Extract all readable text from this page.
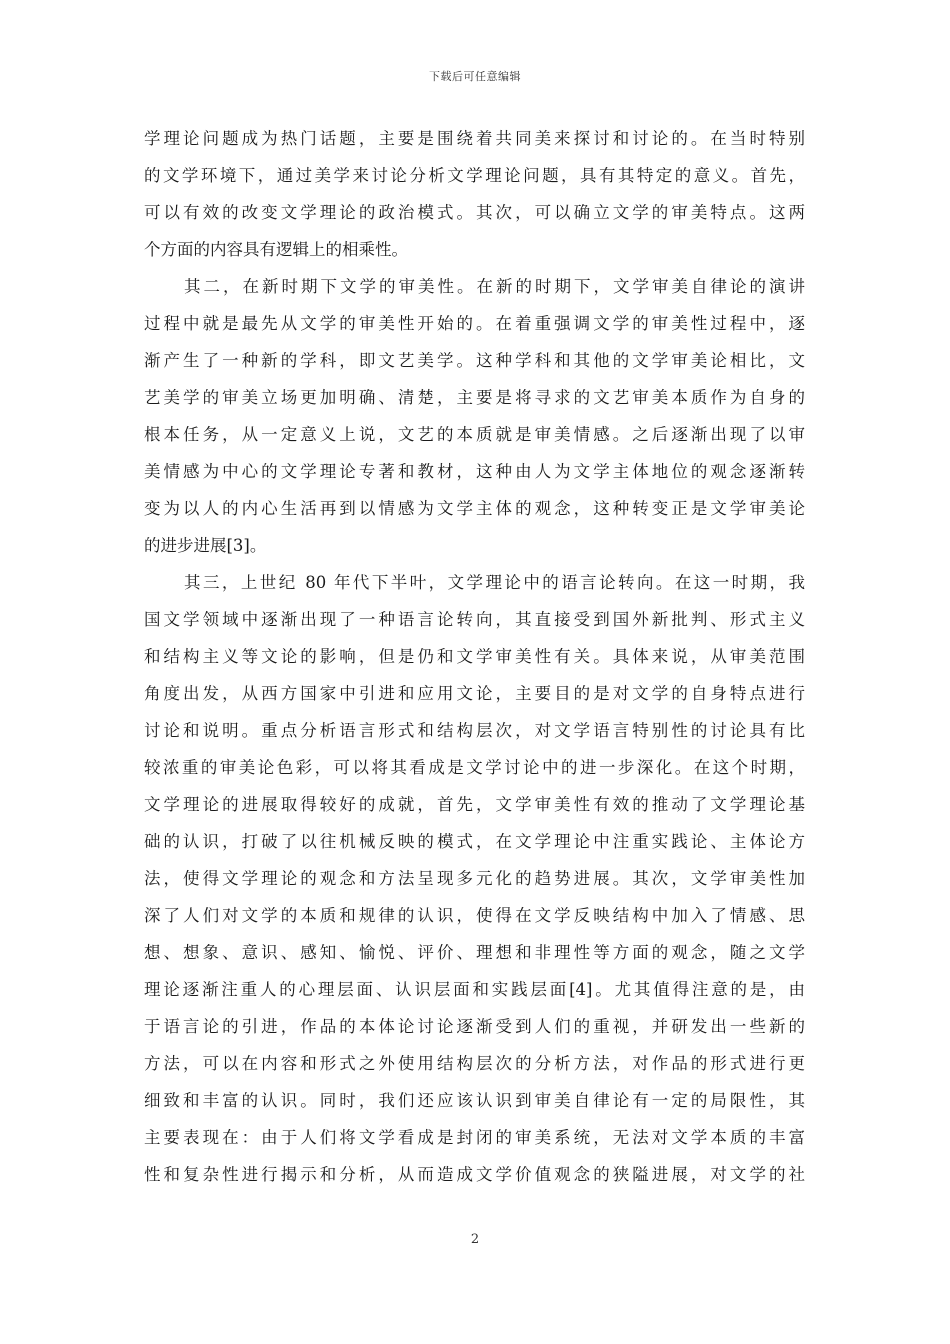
下载后可任意编辑
学理论问题成为热门话题，主要是围绕着共同美来探讨和讨论的。在当时特别
的文学环境下，通过美学来讨论分析文学理论问题，具有其特定的意义。首先，
可以有效的改变文学理论的政治模式。其次，可以确立文学的审美特点。这两
个方面的内容具有逻辑上的相乘性。
其二，在新时期下文学的审美性。在新的时期下，文学审美自律论的演讲
过程中就是最先从文学的审美性开始的。在着重强调文学的审美性过程中，逐
渐产生了一种新的学科，即文艺美学。这种学科和其他的文学审美论相比，文
艺美学的审美立场更加明确、清楚，主要是将寻求的文艺审美本质作为自身的
根本任务，从一定意义上说，文艺的本质就是审美情感。之后逐渐出现了以审
美情感为中心的文学理论专著和教材，这种由人为文学主体地位的观念逐渐转
变为以人的内心生活再到以情感为文学主体的观念，这种转变正是文学审美论
的进步进展[3]。
其三，上世纪 80 年代下半叶，文学理论中的语言论转向。在这一时期，我
国文学领域中逐渐出现了一种语言论转向，其直接受到国外新批判、形式主义
和结构主义等文论的影响，但是仍和文学审美性有关。具体来说，从审美范围
角度出发，从西方国家中引进和应用文论，主要目的是对文学的自身特点进行
讨论和说明。重点分析语言形式和结构层次，对文学语言特别性的讨论具有比
较浓重的审美论色彩，可以将其看成是文学讨论中的进一步深化。在这个时期，
文学理论的进展取得较好的成就，首先，文学审美性有效的推动了文学理论基
础的认识，打破了以往机械反映的模式，在文学理论中注重实践论、主体论方
法，使得文学理论的观念和方法呈现多元化的趋势进展。其次，文学审美性加
深了人们对文学的本质和规律的认识，使得在文学反映结构中加入了情感、思
想、想象、意识、感知、愉悦、评价、理想和非理性等方面的观念，随之文学
理论逐渐注重人的心理层面、认识层面和实践层面[4]。尤其值得注意的是，由
于语言论的引进，作品的本体论讨论逐渐受到人们的重视，并研发出一些新的
方法，可以在内容和形式之外使用结构层次的分析方法，对作品的形式进行更
细致和丰富的认识。同时，我们还应该认识到审美自律论有一定的局限性，其
主要表现在：由于人们将文学看成是封闭的审美系统，无法对文学本质的丰富
性和复杂性进行揭示和分析，从而造成文学价值观念的狭隘进展，对文学的社
2
